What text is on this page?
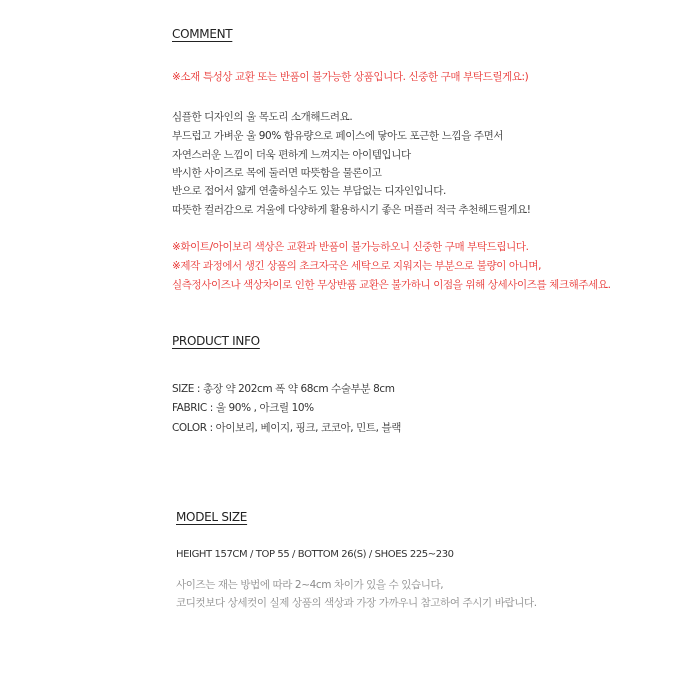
COMMENT
※소재 특성상 교환 또는 반품이 불가능한 상품입니다. 신중한 구매 부탁드릴게요:)
심플한 디자인의 울 목도리 소개해드려요.
부드럽고 가벼운 울 90% 함유량으로 페이스에 닿아도 포근한 느낌을 주면서
자연스러운 느낌이 더욱 편하게 느껴지는 아이템입니다
박시한 사이즈로 목에 둘러면 따뜻함을 물론이고
반으로 접어서 얇게 연출하실수도 있는 부담없는 디자인입니다.
따뜻한 컬러감으로 겨울에 다양하게 활용하시기 좋은 머플러 적극 추천해드릴게요!
※화이트/아이보리 색상은 교환과 반품이 불가능하오니 신중한 구매 부탁드립니다.
※제작 과정에서 생긴 상품의 초크자국은 세탁으로 지워지는 부분으로 불량이 아니며,
실측정사이즈나 색상차이로 인한 무상반품 교환은 불가하니 이점을 위해 상세사이즈를 체크해주세요.
PRODUCT INFO
SIZE : 총장 약 202cm 폭 약 68cm 수술부분 8cm
FABRIC : 울 90% , 아크릴 10%
COLOR : 아이보리, 베이지, 핑크, 코코아, 민트, 블랙
MODEL SIZE
HEIGHT 157CM / TOP 55 / BOTTOM 26(S) / SHOES 225~230
사이즈는 재는 방법에 따라 2~4cm 차이가 있을 수 있습니다,
코디컷보다 상세컷이 실제 상품의 색상과 가장 가까우니 참고하여 주시기 바랍니다.
